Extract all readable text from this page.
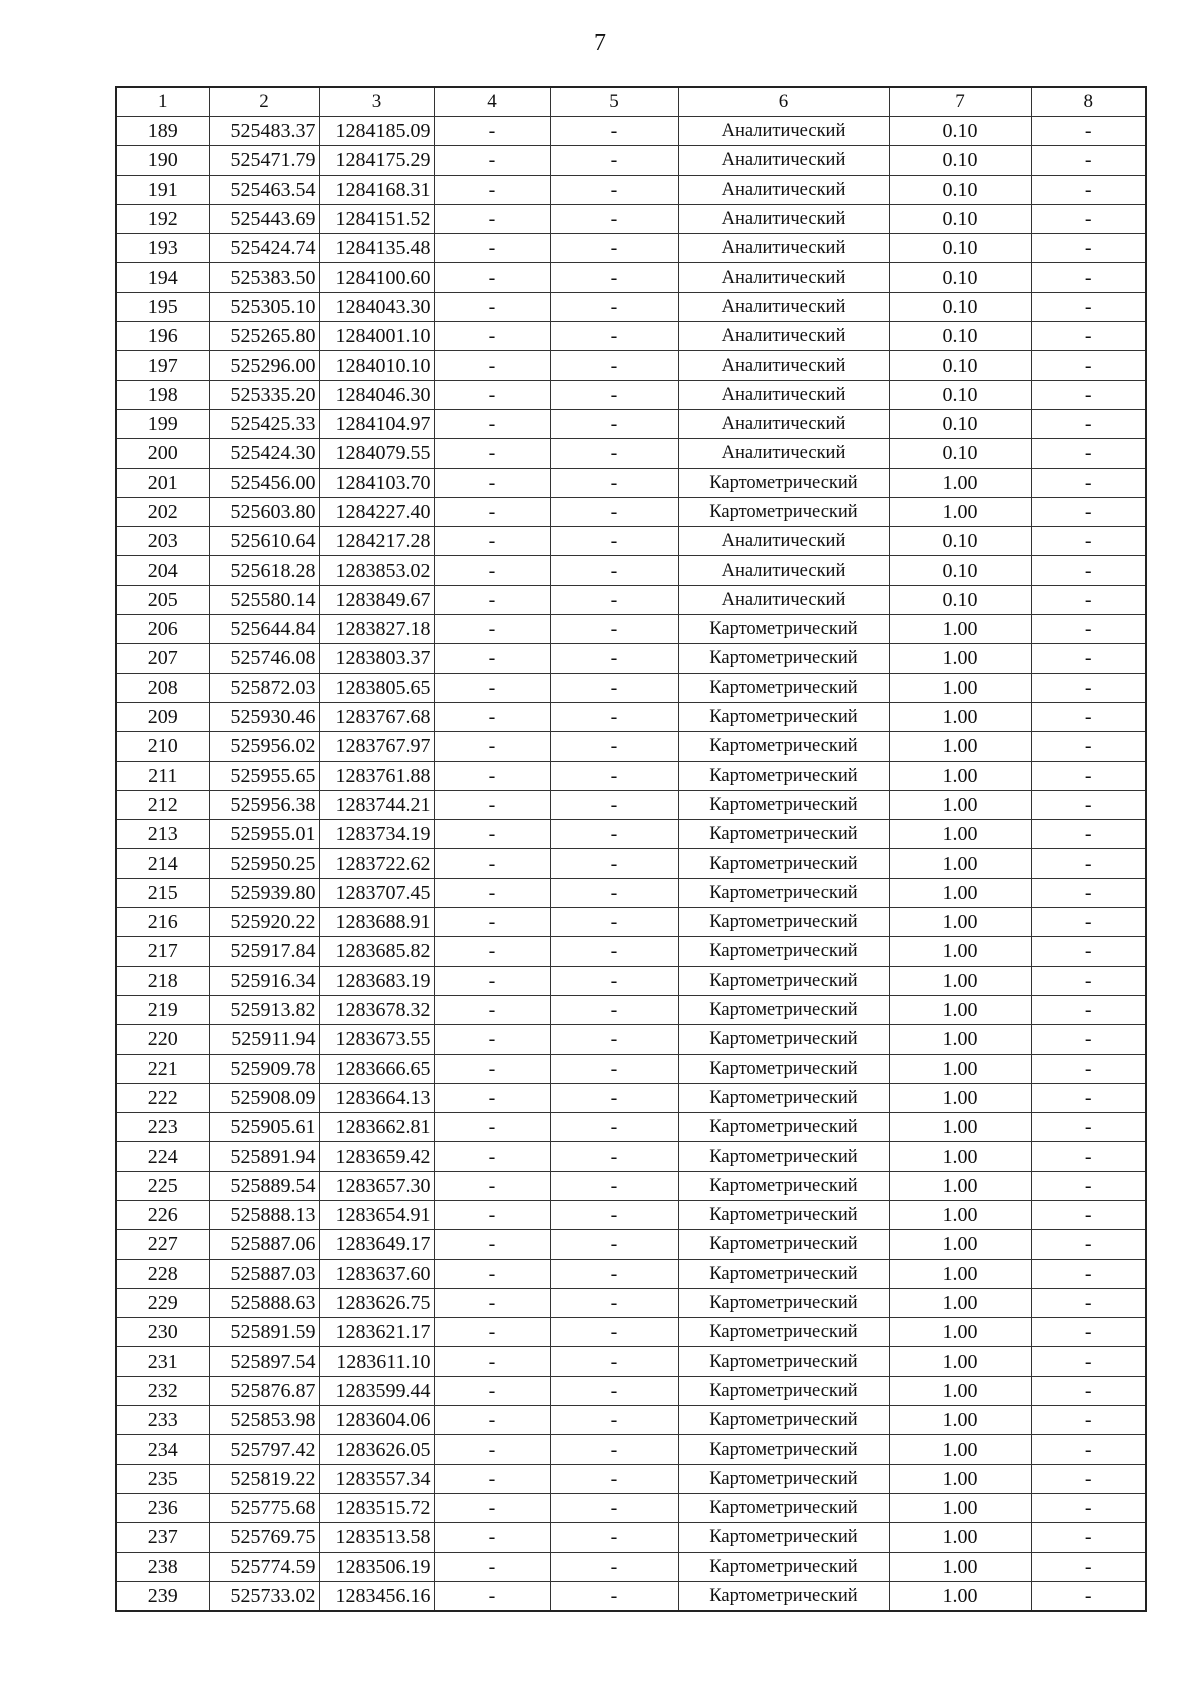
7
1	2	3	4	5	6	7	8
189	525483.37	1284185.09	-	-	Аналитический	0.10	-
190	525471.79	1284175.29	-	-	Аналитический	0.10	-
191	525463.54	1284168.31	-	-	Аналитический	0.10	-
192	525443.69	1284151.52	-	-	Аналитический	0.10	-
193	525424.74	1284135.48	-	-	Аналитический	0.10	-
194	525383.50	1284100.60	-	-	Аналитический	0.10	-
195	525305.10	1284043.30	-	-	Аналитический	0.10	-
196	525265.80	1284001.10	-	-	Аналитический	0.10	-
197	525296.00	1284010.10	-	-	Аналитический	0.10	-
198	525335.20	1284046.30	-	-	Аналитический	0.10	-
199	525425.33	1284104.97	-	-	Аналитический	0.10	-
200	525424.30	1284079.55	-	-	Аналитический	0.10	-
201	525456.00	1284103.70	-	-	Картометрический	1.00	-
202	525603.80	1284227.40	-	-	Картометрический	1.00	-
203	525610.64	1284217.28	-	-	Аналитический	0.10	-
204	525618.28	1283853.02	-	-	Аналитический	0.10	-
205	525580.14	1283849.67	-	-	Аналитический	0.10	-
206	525644.84	1283827.18	-	-	Картометрический	1.00	-
207	525746.08	1283803.37	-	-	Картометрический	1.00	-
208	525872.03	1283805.65	-	-	Картометрический	1.00	-
209	525930.46	1283767.68	-	-	Картометрический	1.00	-
210	525956.02	1283767.97	-	-	Картометрический	1.00	-
211	525955.65	1283761.88	-	-	Картометрический	1.00	-
212	525956.38	1283744.21	-	-	Картометрический	1.00	-
213	525955.01	1283734.19	-	-	Картометрический	1.00	-
214	525950.25	1283722.62	-	-	Картометрический	1.00	-
215	525939.80	1283707.45	-	-	Картометрический	1.00	-
216	525920.22	1283688.91	-	-	Картометрический	1.00	-
217	525917.84	1283685.82	-	-	Картометрический	1.00	-
218	525916.34	1283683.19	-	-	Картометрический	1.00	-
219	525913.82	1283678.32	-	-	Картометрический	1.00	-
220	525911.94	1283673.55	-	-	Картометрический	1.00	-
221	525909.78	1283666.65	-	-	Картометрический	1.00	-
222	525908.09	1283664.13	-	-	Картометрический	1.00	-
223	525905.61	1283662.81	-	-	Картометрический	1.00	-
224	525891.94	1283659.42	-	-	Картометрический	1.00	-
225	525889.54	1283657.30	-	-	Картометрический	1.00	-
226	525888.13	1283654.91	-	-	Картометрический	1.00	-
227	525887.06	1283649.17	-	-	Картометрический	1.00	-
228	525887.03	1283637.60	-	-	Картометрический	1.00	-
229	525888.63	1283626.75	-	-	Картометрический	1.00	-
230	525891.59	1283621.17	-	-	Картометрический	1.00	-
231	525897.54	1283611.10	-	-	Картометрический	1.00	-
232	525876.87	1283599.44	-	-	Картометрический	1.00	-
233	525853.98	1283604.06	-	-	Картометрический	1.00	-
234	525797.42	1283626.05	-	-	Картометрический	1.00	-
235	525819.22	1283557.34	-	-	Картометрический	1.00	-
236	525775.68	1283515.72	-	-	Картометрический	1.00	-
237	525769.75	1283513.58	-	-	Картометрический	1.00	-
238	525774.59	1283506.19	-	-	Картометрический	1.00	-
239	525733.02	1283456.16	-	-	Картометрический	1.00	-
